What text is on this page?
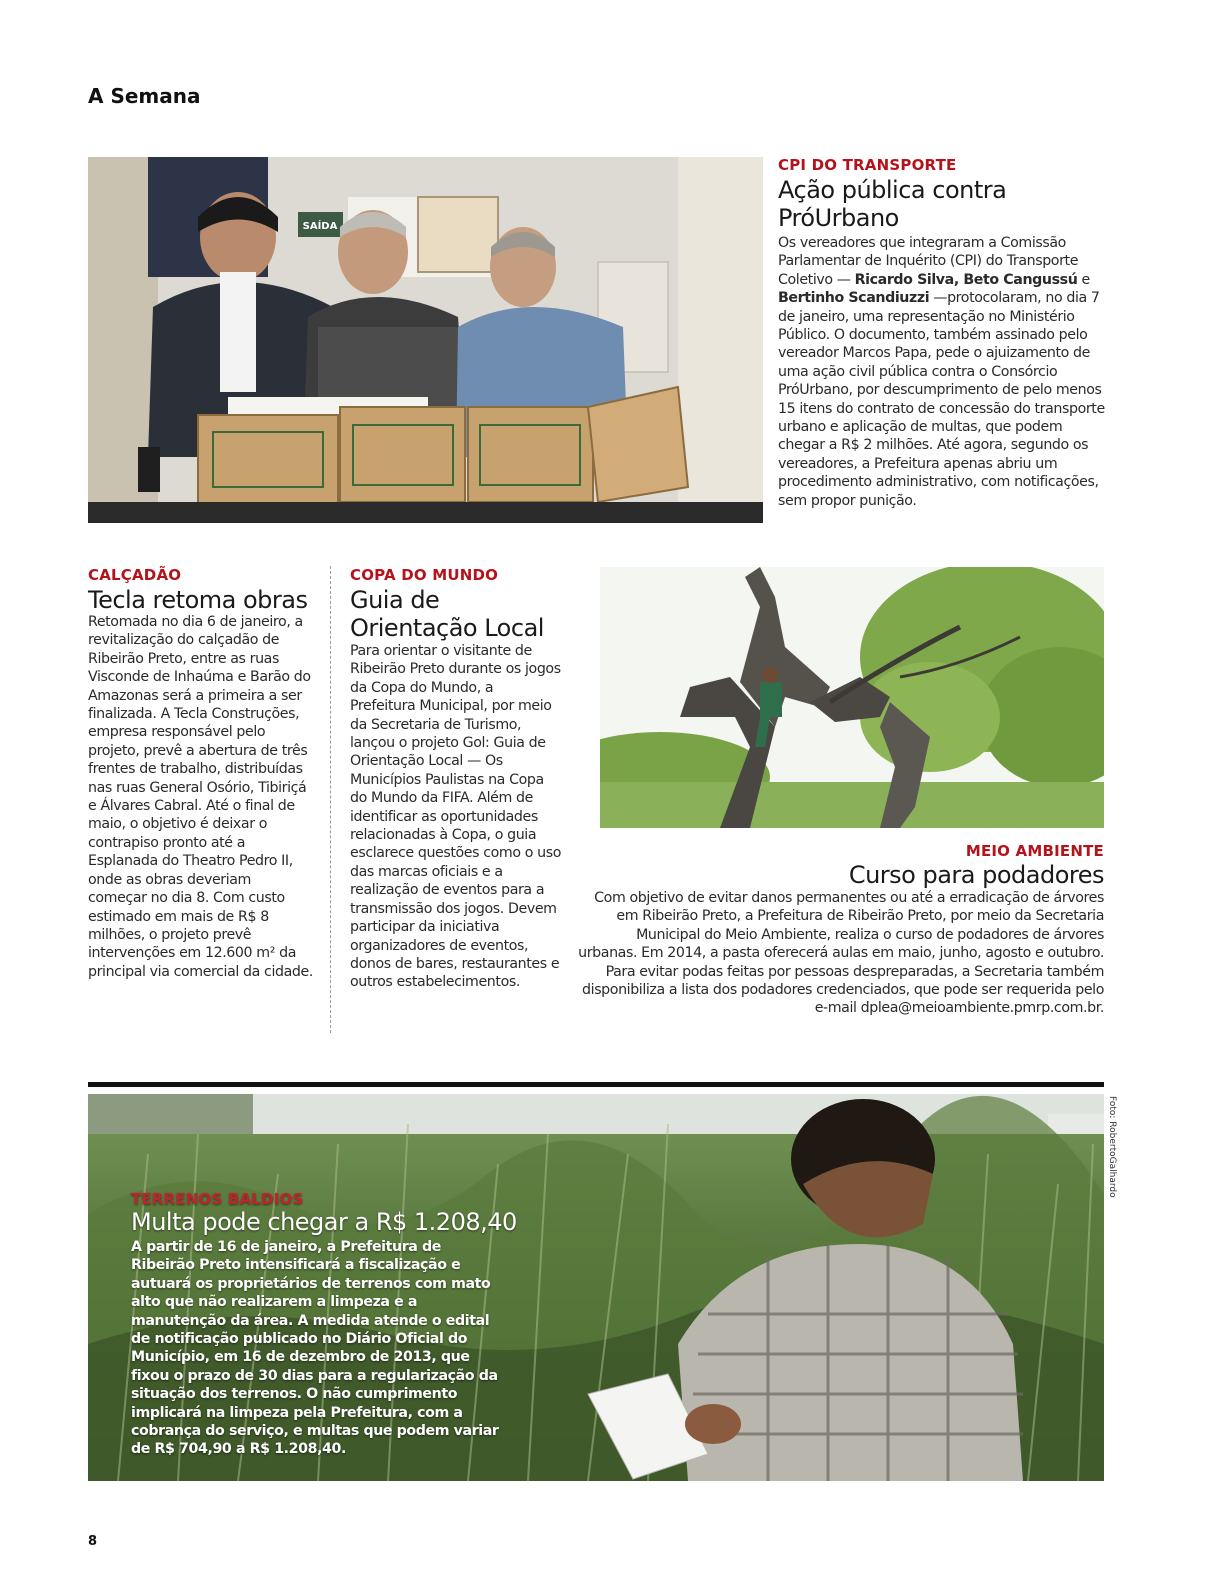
A Semana
SAÍDA
CPI DO TRANSPORTE
Ação pública contra
PróUrbano

Os vereadores que integraram a Comissão Parlamentar de Inquérito (CPI) do Transporte Coletivo — Ricardo Silva, Beto Cangussú e Bertinho Scandiuzzi —protocolaram, no dia 7 de janeiro, uma representação no Ministério Público. O documento, também assinado pelo vereador Marcos Papa, pede o ajuizamento de uma ação civil pública contra o Consórcio PróUrbano, por descumprimento de pelo menos 15 itens do contrato de concessão do transporte urbano e aplicação de multas, que podem chegar a R$ 2 milhões. Até agora, segundo os vereadores, a Prefeitura apenas abriu um procedimento administrativo, com notificações, sem propor punição.

CALÇADÃO
Tecla retoma obras

Retomada no dia 6 de janeiro, a revitalização do calçadão de Ribeirão Preto, entre as ruas Visconde de Inhaúma e Barão do Amazonas será a primeira a ser finalizada. A Tecla Construções, empresa responsável pelo projeto, prevê a abertura de três frentes de trabalho, distribuídas nas ruas General Osório, Tibiriçá e Álvares Cabral. Até o final de maio, o objetivo é deixar o contrapiso pronto até a Esplanada do Theatro Pedro II, onde as obras deveriam começar no dia 8. Com custo estimado em mais de R$ 8 milhões, o projeto prevê intervenções em 12.600 m² da principal via comercial da cidade.

COPA DO MUNDO
Guia de
Orientação Local

Para orientar o visitante de Ribeirão Preto durante os jogos da Copa do Mundo, a Prefeitura Municipal, por meio da Secretaria de Turismo, lançou o projeto Gol: Guia de Orientação Local — Os Municípios Paulistas na Copa do Mundo da FIFA. Além de identificar as oportunidades relacionadas à Copa, o guia esclarece questões como o uso das marcas oficiais e a realização de eventos para a transmissão dos jogos. Devem participar da iniciativa organizadores de eventos, donos de bares, restaurantes e outros estabelecimentos.

MEIO AMBIENTE
Curso para podadores

Com objetivo de evitar danos permanentes ou até a erradicação de árvores em Ribeirão Preto, a Prefeitura de Ribeirão Preto, por meio da Secretaria Municipal do Meio Ambiente, realiza o curso de podadores de árvores urbanas. Em 2014, a pasta oferecerá aulas em maio, junho, agosto e outubro. Para evitar podas feitas por pessoas despreparadas, a Secretaria também disponibiliza a lista dos podadores credenciados, que pode ser requerida pelo e-mail dplea@meioambiente.pmrp.com.br.

Foto: RobertoGalhardo
TERRENOS BALDIOS
Multa pode chegar a R$ 1.208,40

A partir de 16 de janeiro, a Prefeitura de Ribeirão Preto intensificará a fiscalização e autuará os proprietários de terrenos com mato alto que não realizarem a limpeza e a manutenção da área. A medida atende o edital de notificação publicado no Diário Oficial do Município, em 16 de dezembro de 2013, que fixou o prazo de 30 dias para a regularização da situação dos terrenos. O não cumprimento implicará na limpeza pela Prefeitura, com a cobrança do serviço, e multas que podem variar de R$ 704,90 a R$ 1.208,40.

8
